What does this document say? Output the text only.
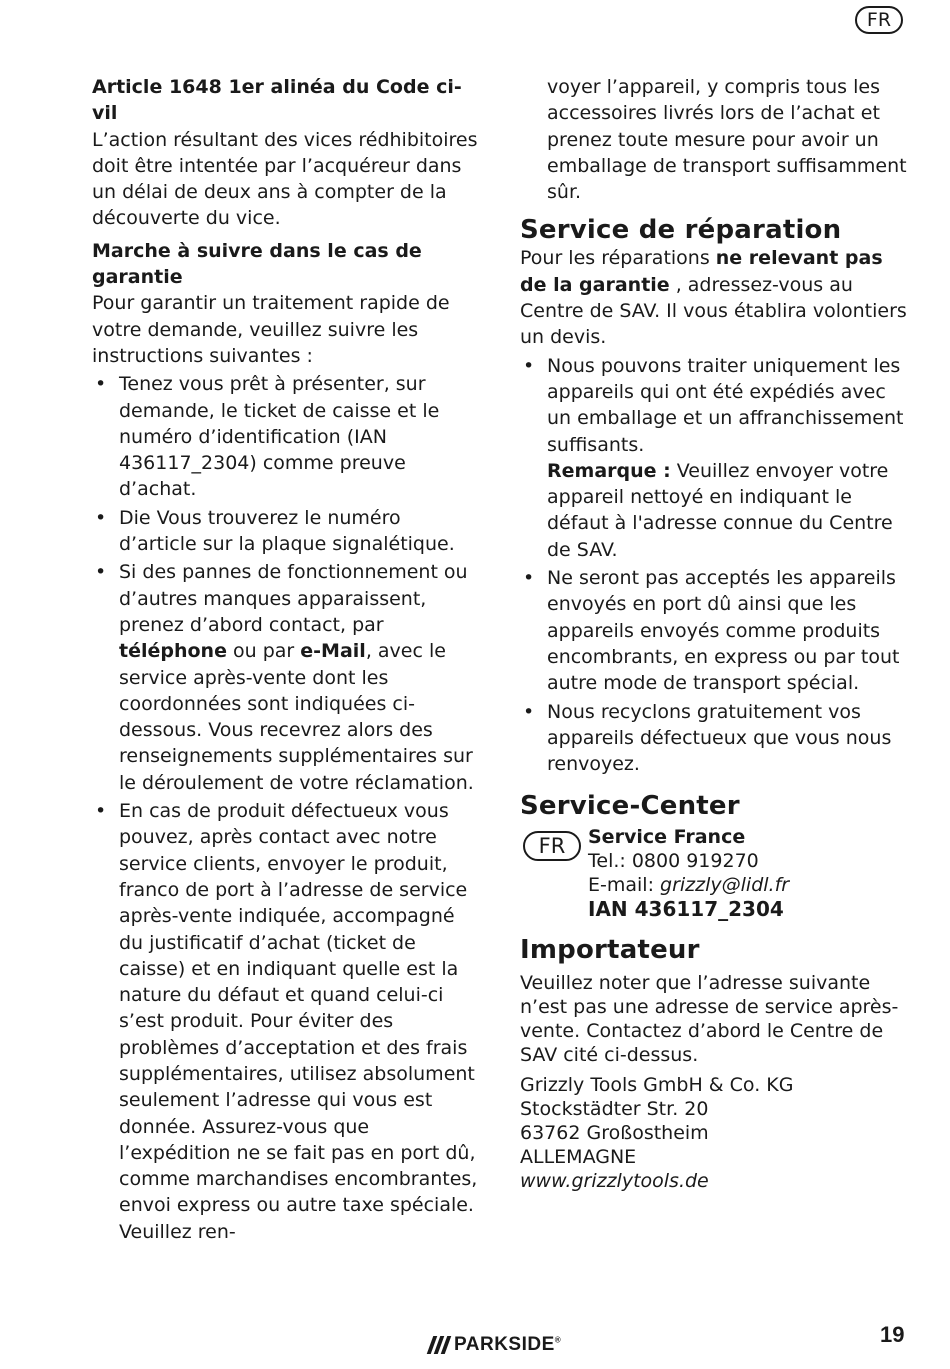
FR

Article 1648 1er alinéa du Code ci-vil

L’action résultant des vices rédhibitoires doit être intentée par l’acquéreur dans un délai de deux ans à compter de la découverte du vice.

Marche à suivre dans le cas de garantie

Pour garantir un traitement rapide de votre demande, veuillez suivre les instructions suivantes :

• Tenez vous prêt à présenter, sur demande, le ticket de caisse et le numéro d’identification (IAN 436117_2304) comme preuve d’achat.
• Die Vous trouverez le numéro d’article sur la plaque signalétique.
• Si des pannes de fonctionnement ou d’autres manques apparaissent, prenez d’abord contact, par téléphone ou par e-Mail, avec le service après-vente dont les coordonnées sont indiquées ci-dessous. Vous recevrez alors des renseignements supplémentaires sur le déroulement de votre réclamation.
• En cas de produit défectueux vous pouvez, après contact avec notre service clients, envoyer le produit, franco de port à l’adresse de service après-vente indiquée, accompagné du justificatif d’achat (ticket de caisse) et en indiquant quelle est la nature du défaut et quand celui-ci s’est produit. Pour éviter des problèmes d’acceptation et des frais supplémentaires, utilisez absolument seulement l’adresse qui vous est donnée. Assurez-vous que l’expédition ne se fait pas en port dû, comme marchandises encombrantes, envoi express ou autre taxe spéciale. Veuillez ren-

voyer l’appareil, y compris tous les accessoires livrés lors de l’achat et prenez toute mesure pour avoir un emballage de transport suffisamment sûr.

Service de réparation

Pour les réparations ne relevant pas de la garantie , adressez-vous au Centre de SAV. Il vous établira volontiers un devis.

• Nous pouvons traiter uniquement les appareils qui ont été expédiés avec un emballage et un affranchissement suffisants.
Remarque : Veuillez envoyer votre appareil nettoyé en indiquant le défaut à l'adresse connue du Centre de SAV.
• Ne seront pas acceptés les appareils envoyés en port dû ainsi que les appareils envoyés comme produits encombrants, en express ou par tout autre mode de transport spécial.
• Nous recyclons gratuitement vos appareils défectueux que vous nous renvoyez.
Service-Center
FR	Service France

Tel.: 0800 919270

E-mail: grizzly@lidl.fr

IAN 436117_2304

Importateur

Veuillez noter que l’adresse suivante n’est pas une adresse de service après-vente. Contactez d’abord le Centre de SAV cité ci-dessus.

Grizzly Tools GmbH & Co. KG

Stockstädter Str. 20

63762 Großostheim

ALLEMAGNE

www.grizzlytools.de

PARKSIDE®	19
